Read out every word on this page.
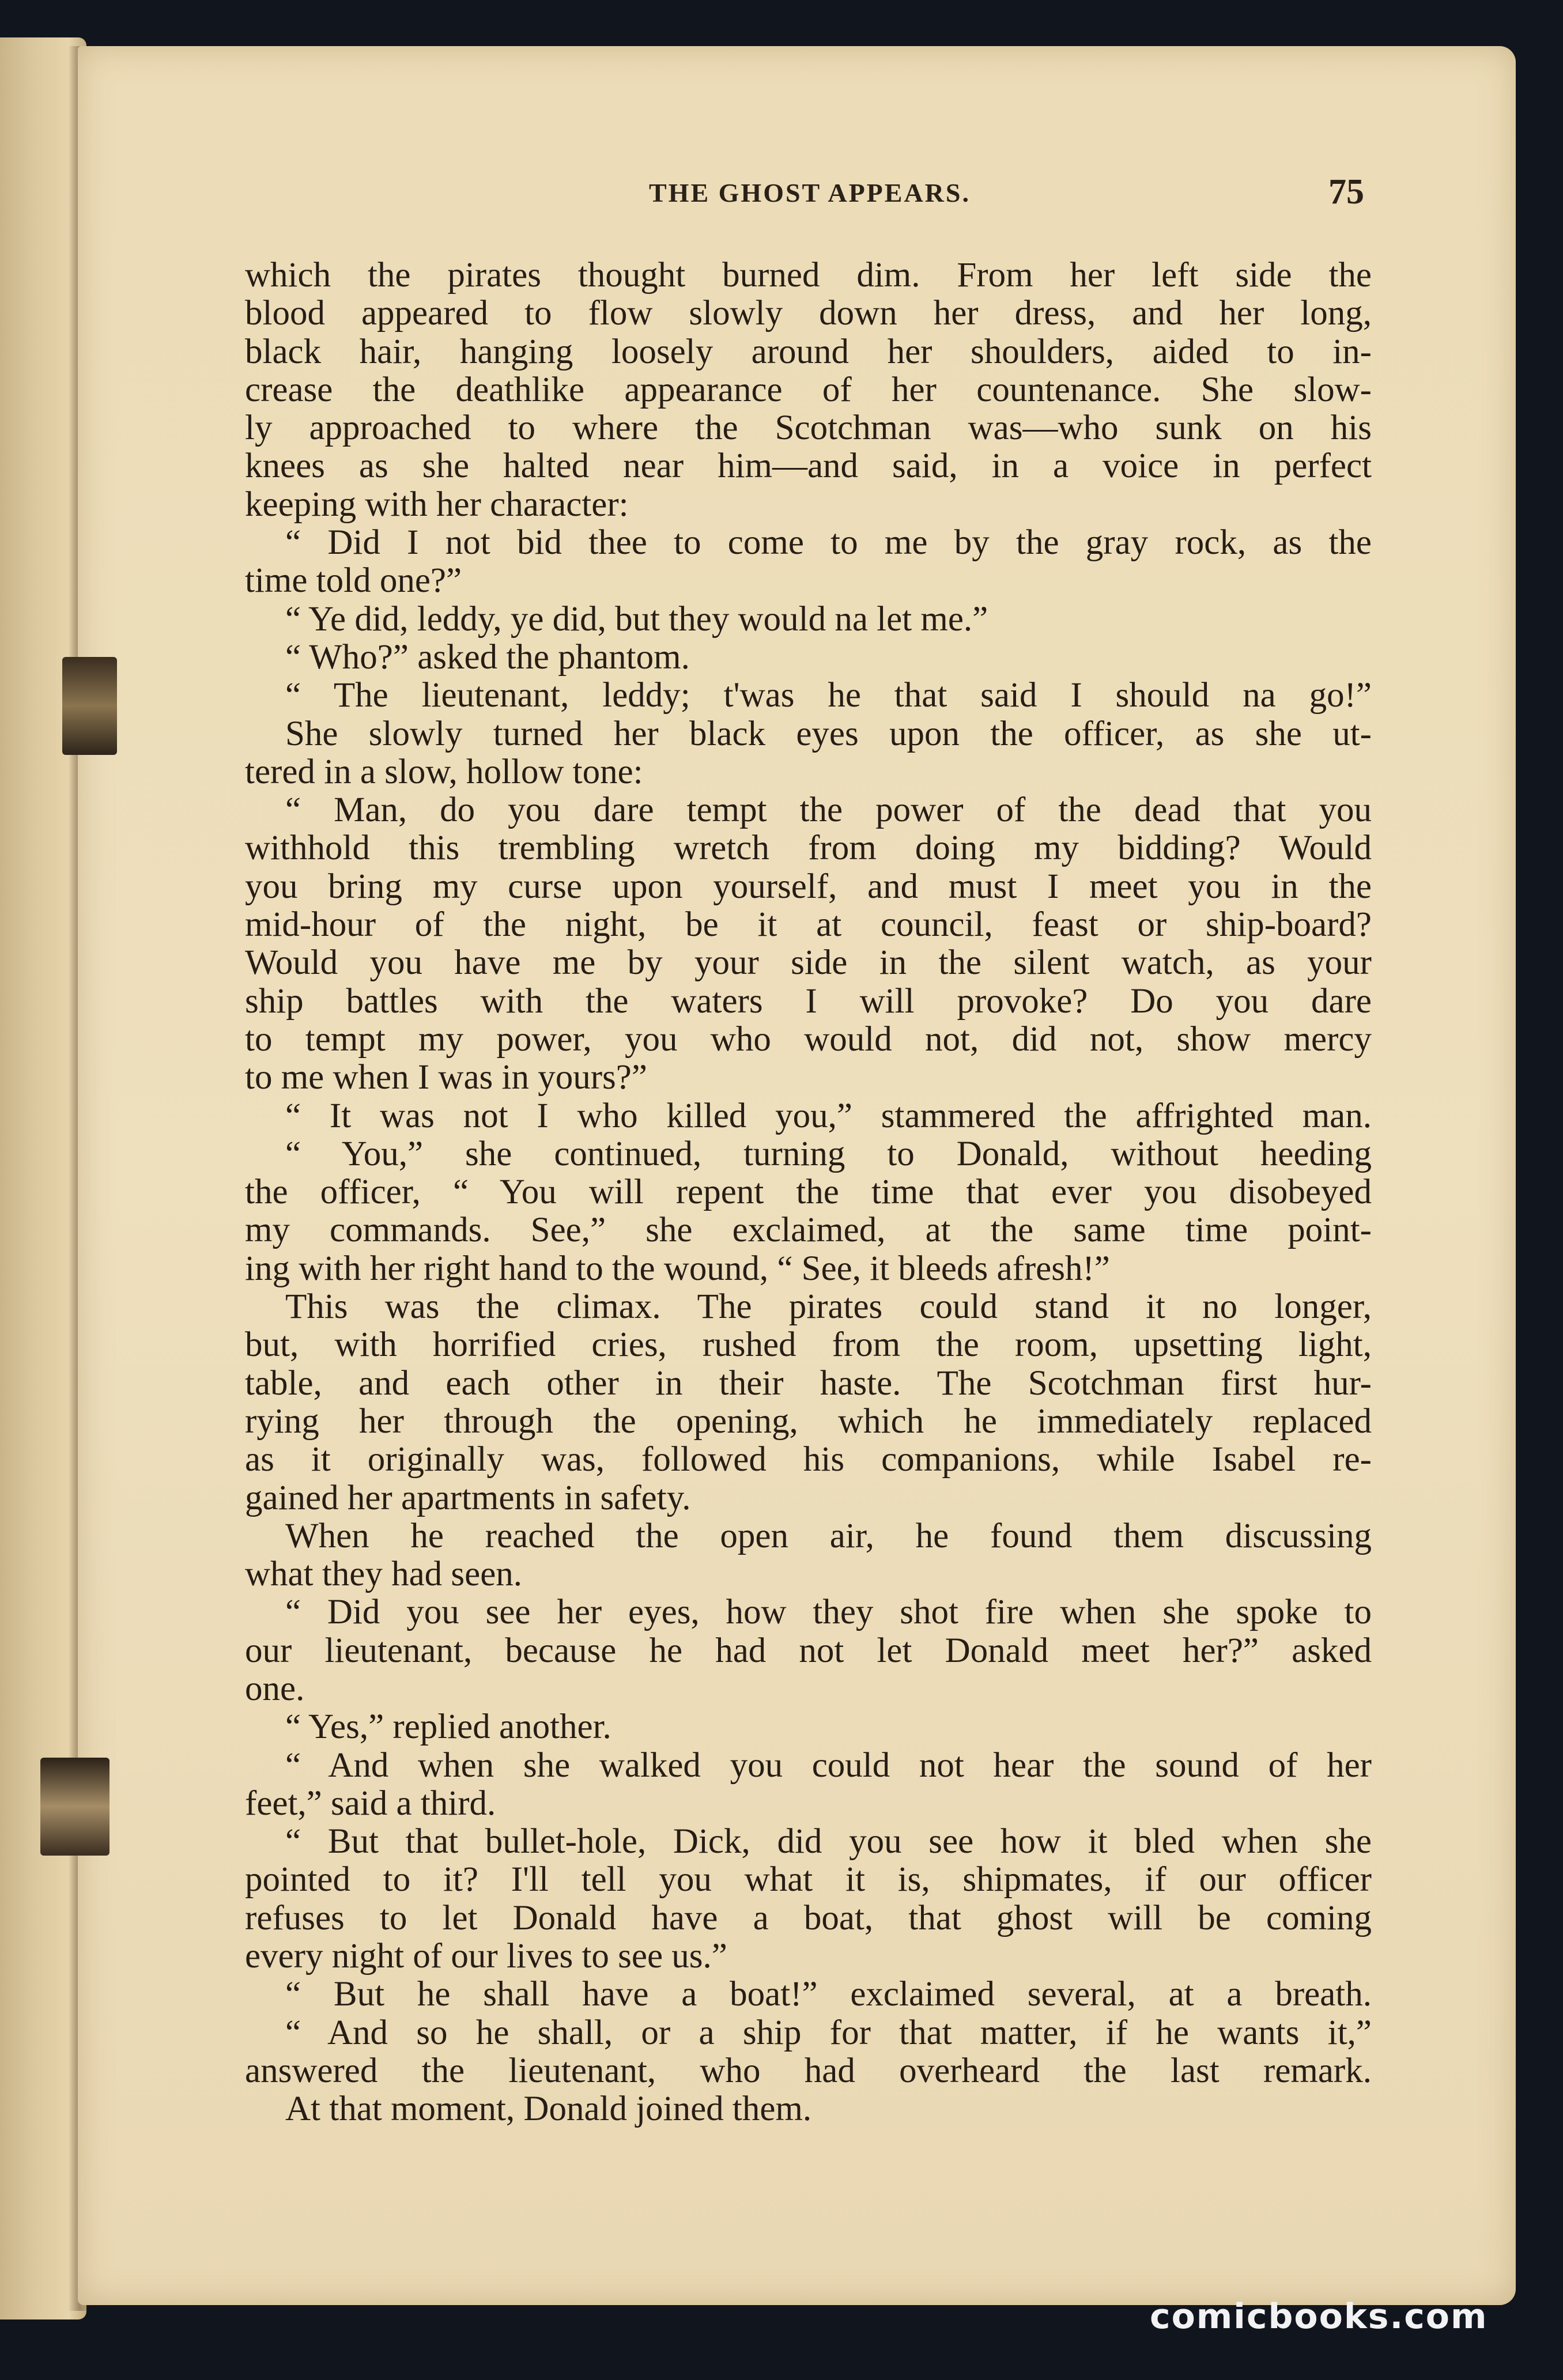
THE GHOST APPEARS.	75
which the pirates thought burned dim. From her left side the
blood appeared to flow slowly down her dress, and her long,
black hair, hanging loosely around her shoulders, aided to in-
crease the deathlike appearance of her countenance. She slow-
ly approached to where the Scotchman was—who sunk on his
knees as she halted near him—and said, in a voice in perfect
keeping with her character:
“ Did I not bid thee to come to me by the gray rock, as the
time told one?”
“ Ye did, leddy, ye did, but they would na let me.”
“ Who?” asked the phantom.
“ The lieutenant, leddy; t'was he that said I should na go!”
She slowly turned her black eyes upon the officer, as she ut-
tered in a slow, hollow tone:
“ Man, do you dare tempt the power of the dead that you
withhold this trembling wretch from doing my bidding? Would
you bring my curse upon yourself, and must I meet you in the
mid-hour of the night, be it at council, feast or ship-board?
Would you have me by your side in the silent watch, as your
ship battles with the waters I will provoke? Do you dare
to tempt my power, you who would not, did not, show mercy
to me when I was in yours?”
“ It was not I who killed you,” stammered the affrighted man.
“ You,” she continued, turning to Donald, without heeding
the officer, “ You will repent the time that ever you disobeyed
my commands. See,” she exclaimed, at the same time point-
ing with her right hand to the wound, “ See, it bleeds afresh!”
This was the climax. The pirates could stand it no longer,
but, with horrified cries, rushed from the room, upsetting light,
table, and each other in their haste. The Scotchman first hur-
rying her through the opening, which he immediately replaced
as it originally was, followed his companions, while Isabel re-
gained her apartments in safety.
When he reached the open air, he found them discussing
what they had seen.
“ Did you see her eyes, how they shot fire when she spoke to
our lieutenant, because he had not let Donald meet her?” asked
one.
“ Yes,” replied another.
“ And when she walked you could not hear the sound of her
feet,” said a third.
“ But that bullet-hole, Dick, did you see how it bled when she
pointed to it? I'll tell you what it is, shipmates, if our officer
refuses to let Donald have a boat, that ghost will be coming
every night of our lives to see us.”
“ But he shall have a boat!” exclaimed several, at a breath.
“ And so he shall, or a ship for that matter, if he wants it,”
answered the lieutenant, who had overheard the last remark.
At that moment, Donald joined them.
comicbooks.com
